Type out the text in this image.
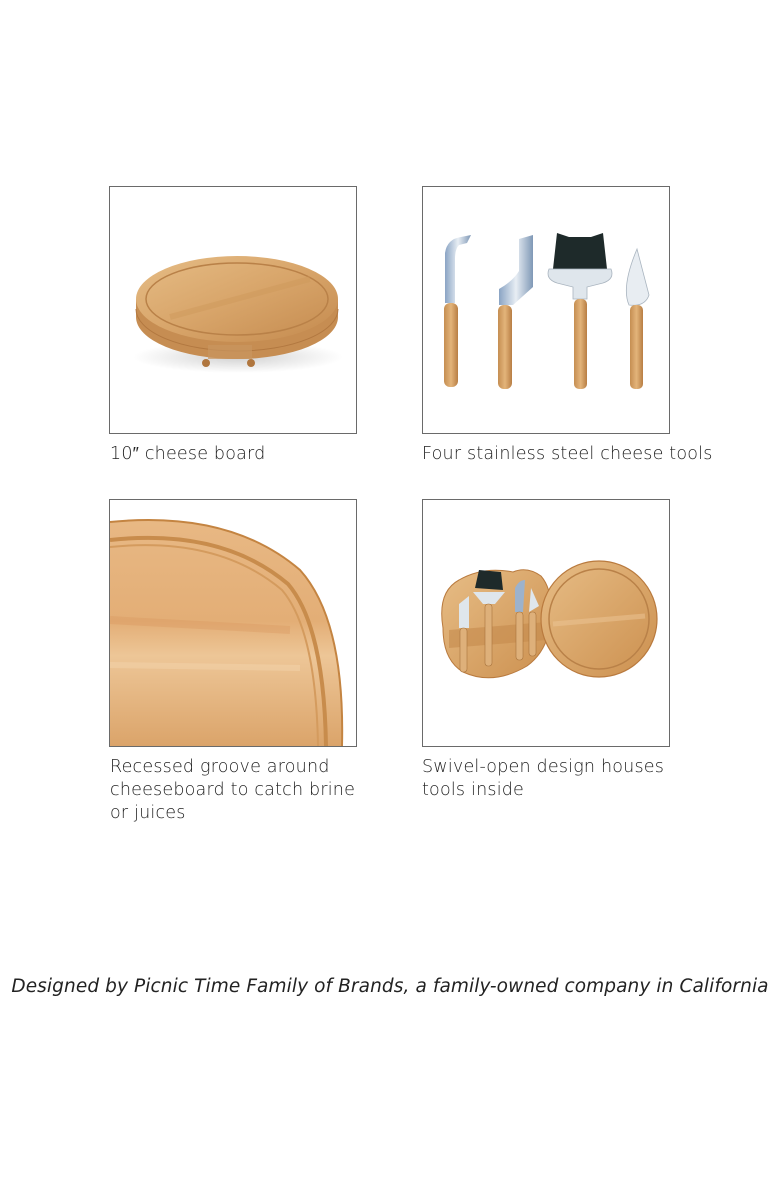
10″ cheese board	Four stainless steel cheese tools
Recessed groove around cheeseboard to catch brine or juices
Swivel-open design houses tools inside
Designed by Picnic Time Family of Brands, a family-owned company in California
